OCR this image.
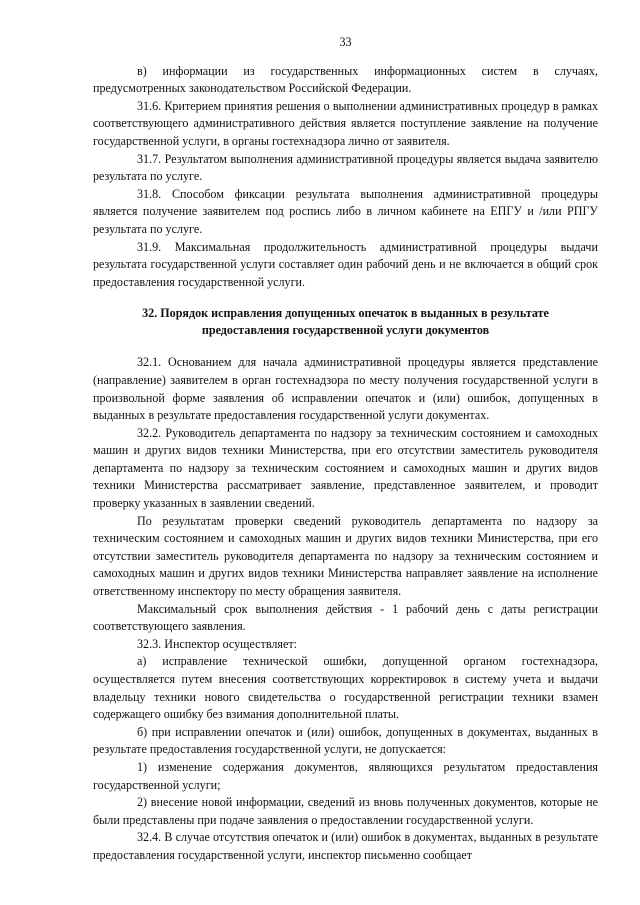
33

в) информации из государственных информационных систем в случаях, предусмотренных законодательством Российской Федерации.

31.6. Критерием принятия решения о выполнении административных процедур в рамках соответствующего административного действия является поступление заявление на получение государственной услуги, в органы гостехнадзора лично от заявителя.

31.7. Результатом выполнения административной процедуры является выдача заявителю результата по услуге.

31.8. Способом фиксации результата выполнения административной процедуры является получение заявителем под роспись либо в личном кабинете на ЕПГУ и /или РПГУ результата по услуге.

31.9. Максимальная продолжительность административной процедуры выдачи результата государственной услуги составляет один рабочий день и не включается в общий срок предоставления государственной услуги.

32. Порядок исправления допущенных опечаток в выданных в результате предоставления государственной услуги документов

32.1. Основанием для начала административной процедуры является представление (направление) заявителем в орган гостехнадзора по месту получения государственной услуги в произвольной форме заявления об исправлении опечаток и (или) ошибок, допущенных в выданных в результате предоставления государственной услуги документах.

32.2. Руководитель департамента по надзору за техническим состоянием и самоходных машин и других видов техники Министерства, при его отсутствии заместитель руководителя департамента по надзору за техническим состоянием и самоходных машин и других видов техники Министерства рассматривает заявление, представленное заявителем, и проводит проверку указанных в заявлении сведений.

По результатам проверки сведений руководитель департамента по надзору за техническим состоянием и самоходных машин и других видов техники Министерства, при его отсутствии заместитель руководителя департамента по надзору за техническим состоянием и самоходных машин и других видов техники Министерства направляет заявление на исполнение ответственному инспектору по месту обращения заявителя.

Максимальный срок выполнения действия - 1 рабочий день с даты регистрации соответствующего заявления.

32.3. Инспектор осуществляет:

а) исправление технической ошибки, допущенной органом гостехнадзора, осуществляется путем внесения соответствующих корректировок в систему учета и выдачи владельцу техники нового свидетельства о государственной регистрации техники взамен содержащего ошибку без взимания дополнительной платы.

б) при исправлении опечаток и (или) ошибок, допущенных в документах, выданных в результате предоставления государственной услуги, не допускается:

1) изменение содержания документов, являющихся результатом предоставления государственной услуги;

2) внесение новой информации, сведений из вновь полученных документов, которые не были представлены при подаче заявления о предоставлении государственной услуги.

32.4. В случае отсутствия опечаток и (или) ошибок в документах, выданных в результате предоставления государственной услуги, инспектор письменно сообщает
